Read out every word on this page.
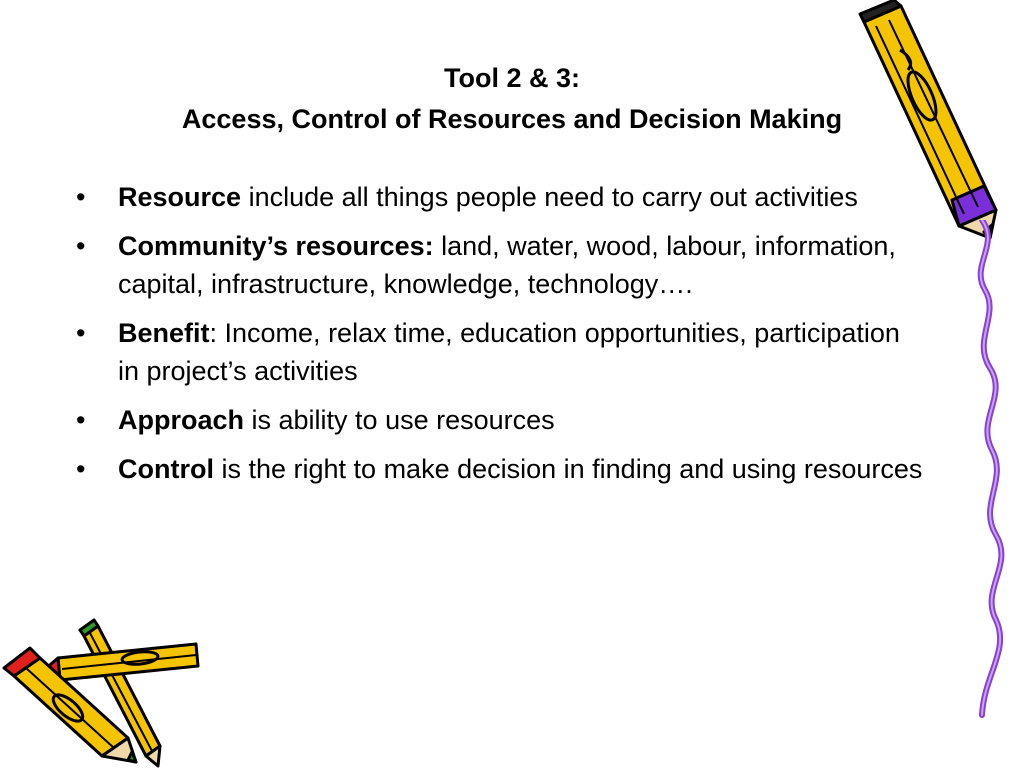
Tool 2 & 3:
Access, Control of Resources and Decision Making
• Resource include all things people need to carry out activities
• Community’s resources: land, water, wood, labour, information, capital, infrastructure, knowledge, technology….
• Benefit: Income, relax time, education opportunities, participation in project’s activities
• Approach is ability to use resources
• Control is the right to make decision in finding and using resources
